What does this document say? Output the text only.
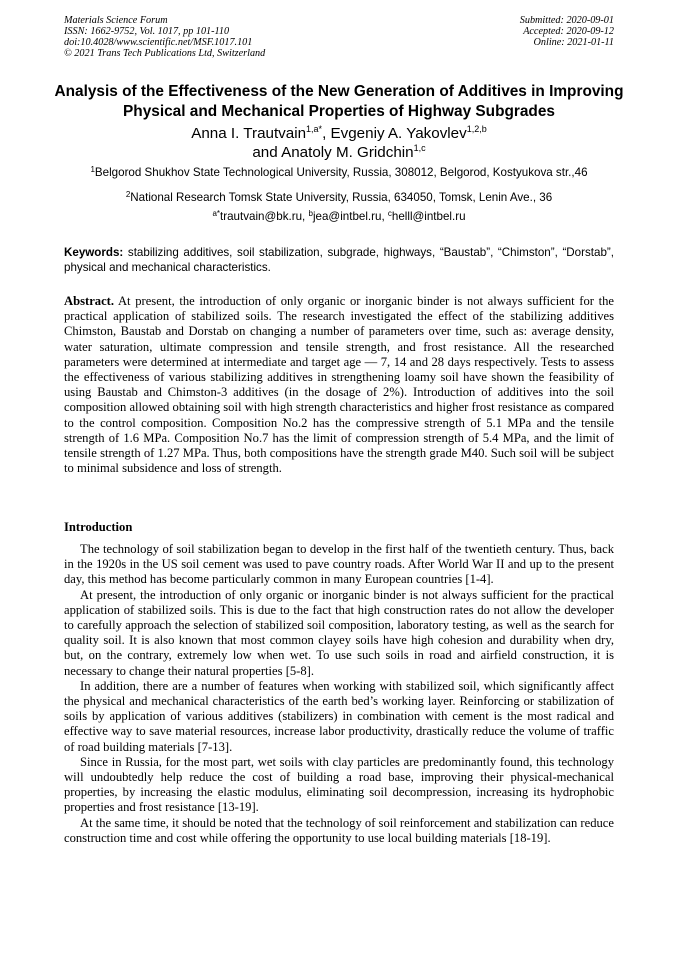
Materials Science Forum
ISSN: 1662-9752, Vol. 1017, pp 101-110
doi:10.4028/www.scientific.net/MSF.1017.101
© 2021 Trans Tech Publications Ltd, Switzerland
Submitted: 2020-09-01
Accepted: 2020-09-12
Online: 2021-01-11
Analysis of the Effectiveness of the New Generation of Additives in Improving Physical and Mechanical Properties of Highway Subgrades
Anna I. Trautvain$^{1,a*}$, Evgeniy A. Yakovlev$^{1,2,b}$
and Anatoly M. Gridchin$^{1,c}$
$^1$Belgorod Shukhov State Technological University, Russia, 308012, Belgorod, Kostyukova str.,46
$^2$National Research Tomsk State University, Russia, 634050, Tomsk, Lenin Ave., 36
$^{a*}$trautvain@bk.ru, $^b$jea@intbel.ru, $^c$helll@intbel.ru
Keywords: stabilizing additives, soil stabilization, subgrade, highways, “Baustab”, “Chimston”, “Dorstab”, physical and mechanical characteristics.
Abstract. At present, the introduction of only organic or inorganic binder is not always sufficient for the practical application of stabilized soils. The research investigated the effect of the stabilizing additives Chimston, Baustab and Dorstab on changing a number of parameters over time, such as: average density, water saturation, ultimate compression and tensile strength, and frost resistance. All the researched parameters were determined at intermediate and target age — 7, 14 and 28 days respectively. Tests to assess the effectiveness of various stabilizing additives in strengthening loamy soil have shown the feasibility of using Baustab and Chimston-3 additives (in the dosage of 2%). Introduction of additives into the soil composition allowed obtaining soil with high strength characteristics and higher frost resistance as compared to the control composition. Composition No.2 has the compressive strength of 5.1 MPa and the tensile strength of 1.6 MPa. Composition No.7 has the limit of compression strength of 5.4 MPa, and the limit of tensile strength of 1.27 MPa. Thus, both compositions have the strength grade M40. Such soil will be subject to minimal subsidence and loss of strength.
Introduction

The technology of soil stabilization began to develop in the first half of the twentieth century. Thus, back in the 1920s in the US soil cement was used to pave country roads. After World War II and up to the present day, this method has become particularly common in many European countries [1-4].

At present, the introduction of only organic or inorganic binder is not always sufficient for the practical application of stabilized soils. This is due to the fact that high construction rates do not allow the developer to carefully approach the selection of stabilized soil composition, laboratory testing, as well as the search for quality soil. It is also known that most common clayey soils have high cohesion and durability when dry, but, on the contrary, extremely low when wet. To use such soils in road and airfield construction, it is necessary to change their natural properties [5-8].

In addition, there are a number of features when working with stabilized soil, which significantly affect the physical and mechanical characteristics of the earth bed’s working layer. Reinforcing or stabilization of soils by application of various additives (stabilizers) in combination with cement is the most radical and effective way to save material resources, increase labor productivity, drastically reduce the volume of traffic of road building materials [7-13].

Since in Russia, for the most part, wet soils with clay particles are predominantly found, this technology will undoubtedly help reduce the cost of building a road base, improving their physical-mechanical properties, by increasing the elastic modulus, eliminating soil decompression, increasing its hydrophobic properties and frost resistance [13-19].

At the same time, it should be noted that the technology of soil reinforcement and stabilization can reduce construction time and cost while offering the opportunity to use local building materials [18-19].
